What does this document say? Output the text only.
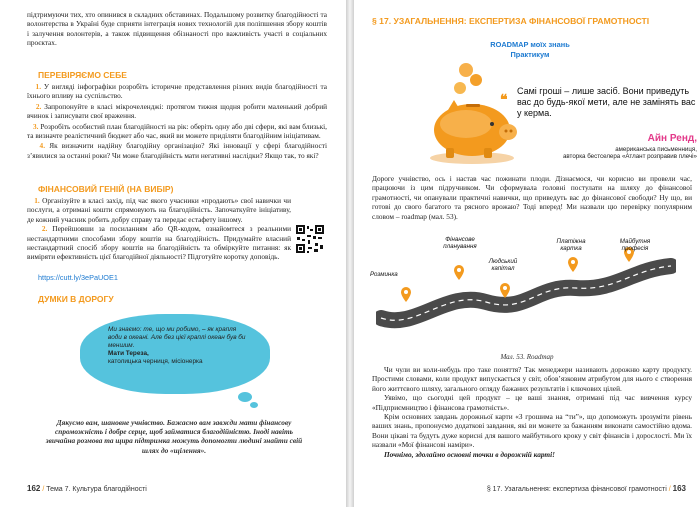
підтримуючи тих, хто опинився в складних обставинах. Подальшому розвитку благодійності та волонтерства в Україні буде сприяти інтеграція нових технологій для поліпшення збору коштів і залучення волонтерів, а також підвищення обізнаності про важливість участі в соціальних проєктах.

ПЕРЕВІРЯЄМО СЕБЕ

1. У вигляді інфографіки розробіть історичне представлення різних видів благодійності та їхнього впливу на суспільство.

2. Запропонуйте в класі мікрочеленджі: протягом тижня щодня робити маленький добрий вчинок і записувати свої враження.

3. Розробіть особистий план благодійності на рік: оберіть одну або дві сфери, які вам близькі, та визначте реалістичний бюджет або час, який ви можете приділяти благодійним ініціативам.

4. Як визначити надійну благодійну організацію? Які інновації у сфері благодійності з’явилися за останні роки? Чи може благодійність мати негативні наслідки? Якщо так, то які?

ФІНАНСОВИЙ ГЕНІЙ (НА ВИБІР)

1. Організуйте в класі захід, під час якого учасники «продають» свої навички чи послуги, а отримані кошти спрямовують на благодійність. Започаткуйте ініціативу, де кожний учасник робить добру справу та передає естафету іншому.

2. Перейшовши за посиланням або QR-кодом, ознайомтеся з реальними нестандартними способами збору коштів на благодійність. Придумайте власний нестандартний спосіб збору коштів на благодійність та обміркуйте питання: як виміряти ефективність цієї благодійної діяльності? Підготуйте коротку доповідь.

https://cutt.ly/3ePaUOE1
ДУМКИ В ДОРОГУ
Ми знаємо: те, що ми робимо, – як крапля води в океані. Але без цієї краплі океан був би меншим.
Мати Тереза,
католицька черниця, місіонерка
Дякуємо вам, шановне учнівство. Бажаємо вам завжди мати фінансову спроможність і добре серце, щоб займатися благодійністю. Іноді навіть звичайна розмова та щира підтримка можуть допомогти людині знайти свій шлях до «щілення».
162 / Тема 7. Культура благодійності
§ 17. УЗАГАЛЬНЕННЯ: ЕКСПЕРТИЗА ФІНАНСОВОЇ ГРАМОТНОСТІ
ROADMAP моїх знань
Практикум
❝ Самі гроші – лише засіб. Вони приведуть вас до будь-якої мети, але не замінять вас у керма.
Айн Ренд,
американська письменниця,
авторка бестселера «Атлант розправив плечі»

Дороге учнівство, ось і настав час пожинати плоди. Дізнаємося, чи корисно ви провели час, працюючи із цим підручником. Чи сформувала головні постулати на шляху до фінансової грамотності, чи опанували практичні навички, що приведуть вас до фінансової свободи? Ну що, ви готові до свого багатого та рясного врожаю? Тоді вперед! Ми назвали цю перевірку популярним словом – roadmap (мал. 53).

Розминка
Фінансове планування
Людський капітал
Платіжна картка
Майбутня професія
Мал. 53. Roadmap

Чи чули ви коли-небудь про таке поняття? Так менеджери називають дорожню карту продукту. Простими словами, коли продукт випускається у світ, обов’язковим атрибутом для нього є створення його життєвого шляху, загального огляду бажаних результатів і ключових цілей.

Уявімо, що сьогодні цей продукт – це ваші знання, отримані під час вивчення курсу «Підприємництво і фінансова грамотність».

Крім основних завдань дорожньої карти «З грошима на “ти”», що допоможуть зрозуміти рівень ваших знань, пропонуємо додаткові завдання, які ви можете за бажанням виконати самостійно вдома. Вони цікаві та будуть дуже корисні для вашого майбутнього кроку у світ фінансів і дорослості. Ми їх назвали «Мої фінансові наміри».

Почнімо, здолаймо основні точки в дорожній карті!

§ 17. Узагальнення: експертиза фінансової грамотності / 163
